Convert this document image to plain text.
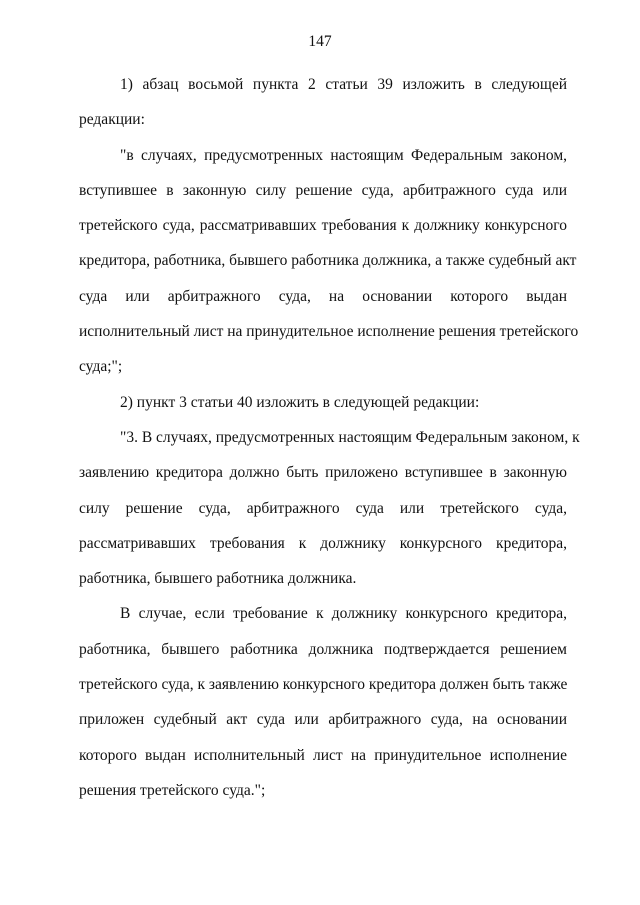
147
1) абзац восьмой пункта 2 статьи 39 изложить в следующей
редакции:
"в случаях, предусмотренных настоящим Федеральным законом,
вступившее в законную силу решение суда, арбитражного суда или
третейского суда, рассматривавших требования к должнику конкурсного
кредитора, работника, бывшего работника должника, а также судебный акт
суда или арбитражного суда, на основании которого выдан
исполнительный лист на принудительное исполнение решения третейского
суда;";
2) пункт 3 статьи 40 изложить в следующей редакции:
"3. В случаях, предусмотренных настоящим Федеральным законом, к
заявлению кредитора должно быть приложено вступившее в законную
силу решение суда, арбитражного суда или третейского суда,
рассматривавших требования к должнику конкурсного кредитора,
работника, бывшего работника должника.
В случае, если требование к должнику конкурсного кредитора,
работника, бывшего работника должника подтверждается решением
третейского суда, к заявлению конкурсного кредитора должен быть также
приложен судебный акт суда или арбитражного суда, на основании
которого выдан исполнительный лист на принудительное исполнение
решения третейского суда.";
